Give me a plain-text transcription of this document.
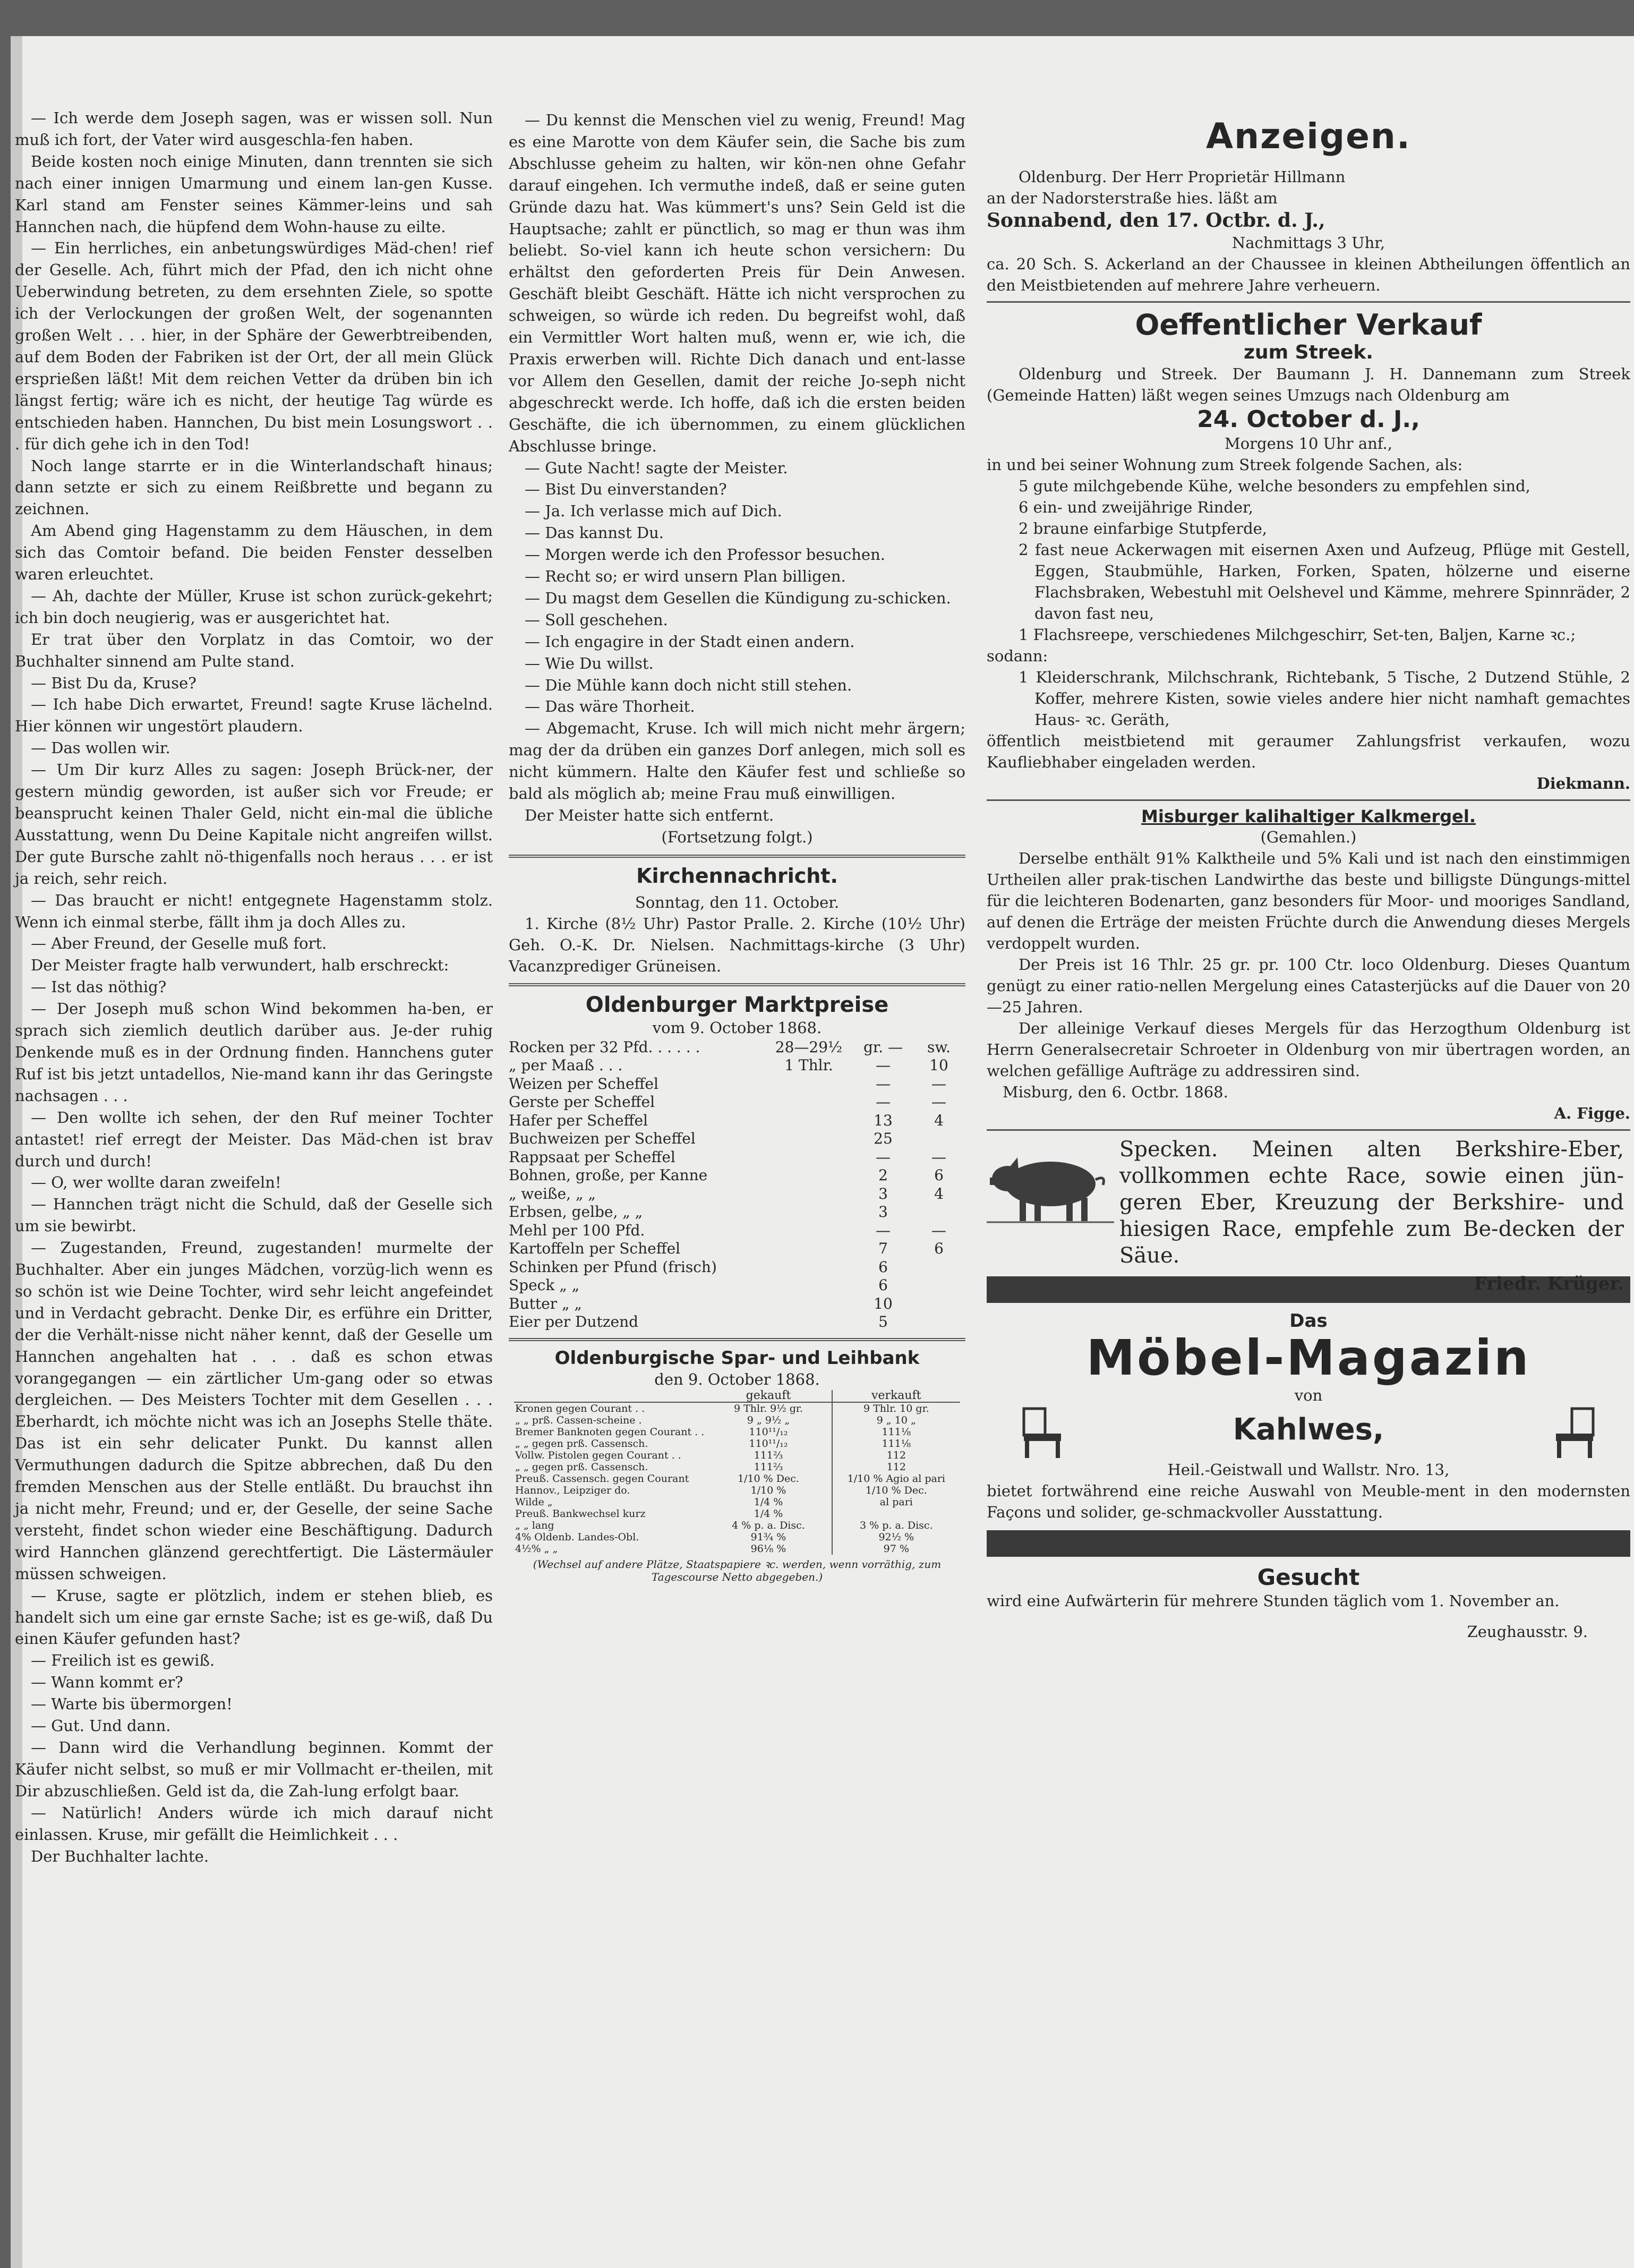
— Ich werde dem Joseph sagen, was er wissen soll. Nun muß ich fort, der Vater wird ausgeschla-fen haben.

Beide kosten noch einige Minuten, dann trennten sie sich nach einer innigen Umarmung und einem lan-gen Kusse. Karl stand am Fenster seines Kämmer-leins und sah Hannchen nach, die hüpfend dem Wohn-hause zu eilte.

— Ein herrliches, ein anbetungswürdiges Mäd-chen! rief der Geselle. Ach, führt mich der Pfad, den ich nicht ohne Ueberwindung betreten, zu dem ersehnten Ziele, so spotte ich der Verlockungen der großen Welt, der sogenannten großen Welt . . . hier, in der Sphäre der Gewerbtreibenden, auf dem Boden der Fabriken ist der Ort, der all mein Glück ersprießen läßt! Mit dem reichen Vetter da drüben bin ich längst fertig; wäre ich es nicht, der heutige Tag würde es entschieden haben. Hannchen, Du bist mein Losungswort . . . für dich gehe ich in den Tod!

Noch lange starrte er in die Winterlandschaft hinaus; dann setzte er sich zu einem Reißbrette und begann zu zeichnen.

Am Abend ging Hagenstamm zu dem Häuschen, in dem sich das Comtoir befand. Die beiden Fenster desselben waren erleuchtet.

— Ah, dachte der Müller, Kruse ist schon zurück-gekehrt; ich bin doch neugierig, was er ausgerichtet hat.

Er trat über den Vorplatz in das Comtoir, wo der Buchhalter sinnend am Pulte stand.

— Bist Du da, Kruse?

— Ich habe Dich erwartet, Freund! sagte Kruse lächelnd. Hier können wir ungestört plaudern.

— Das wollen wir.

— Um Dir kurz Alles zu sagen: Joseph Brück-ner, der gestern mündig geworden, ist außer sich vor Freude; er beansprucht keinen Thaler Geld, nicht ein-mal die übliche Ausstattung, wenn Du Deine Kapitale nicht angreifen willst. Der gute Bursche zahlt nö-thigenfalls noch heraus . . . er ist ja reich, sehr reich.

— Das braucht er nicht! entgegnete Hagenstamm stolz. Wenn ich einmal sterbe, fällt ihm ja doch Alles zu.

— Aber Freund, der Geselle muß fort.

Der Meister fragte halb verwundert, halb erschreckt:

— Ist das nöthig?

— Der Joseph muß schon Wind bekommen ha-ben, er sprach sich ziemlich deutlich darüber aus. Je-der ruhig Denkende muß es in der Ordnung finden. Hannchens guter Ruf ist bis jetzt untadellos, Nie-mand kann ihr das Geringste nachsagen . . .

— Den wollte ich sehen, der den Ruf meiner Tochter antastet! rief erregt der Meister. Das Mäd-chen ist brav durch und durch!

— O, wer wollte daran zweifeln!

— Hannchen trägt nicht die Schuld, daß der Geselle sich um sie bewirbt.

— Zugestanden, Freund, zugestanden! murmelte der Buchhalter. Aber ein junges Mädchen, vorzüg-lich wenn es so schön ist wie Deine Tochter, wird sehr leicht angefeindet und in Verdacht gebracht. Denke Dir, es erführe ein Dritter, der die Verhält-nisse nicht näher kennt, daß der Geselle um Hannchen angehalten hat . . . daß es schon etwas vorangegangen — ein zärtlicher Um-gang oder so etwas dergleichen. — Des Meisters Tochter mit dem Gesellen . . . Eberhardt, ich möchte nicht was ich an Josephs Stelle thäte. Das ist ein sehr delicater Punkt. Du kannst allen Vermuthungen dadurch die Spitze abbrechen, daß Du den fremden Menschen aus der Stelle entläßt. Du brauchst ihn ja nicht mehr, Freund; und er, der Geselle, der seine Sache versteht, findet schon wieder eine Beschäftigung. Dadurch wird Hannchen glänzend gerechtfertigt. Die Lästermäuler müssen schweigen.

— Kruse, sagte er plötzlich, indem er stehen blieb, es handelt sich um eine gar ernste Sache; ist es ge-wiß, daß Du einen Käufer gefunden hast?

— Freilich ist es gewiß.

— Wann kommt er?

— Warte bis übermorgen!

— Gut. Und dann.

— Dann wird die Verhandlung beginnen. Kommt der Käufer nicht selbst, so muß er mir Vollmacht er-theilen, mit Dir abzuschließen. Geld ist da, die Zah-lung erfolgt baar.

— Natürlich! Anders würde ich mich darauf nicht einlassen. Kruse, mir gefällt die Heimlichkeit . . .

Der Buchhalter lachte.

— Du kennst die Menschen viel zu wenig, Freund! Mag es eine Marotte von dem Käufer sein, die Sache bis zum Abschlusse geheim zu halten, wir kön-nen ohne Gefahr darauf eingehen. Ich vermuthe indeß, daß er seine guten Gründe dazu hat. Was kümmert's uns? Sein Geld ist die Hauptsache; zahlt er pünctlich, so mag er thun was ihm beliebt. So-viel kann ich heute schon versichern: Du erhältst den geforderten Preis für Dein Anwesen. Geschäft bleibt Geschäft. Hätte ich nicht versprochen zu schweigen, so würde ich reden. Du begreifst wohl, daß ein Vermittler Wort halten muß, wenn er, wie ich, die Praxis erwerben will. Richte Dich danach und ent-lasse vor Allem den Gesellen, damit der reiche Jo-seph nicht abgeschreckt werde. Ich hoffe, daß ich die ersten beiden Geschäfte, die ich übernommen, zu einem glücklichen Abschlusse bringe.

— Gute Nacht! sagte der Meister.

— Bist Du einverstanden?

— Ja. Ich verlasse mich auf Dich.

— Das kannst Du.

— Morgen werde ich den Professor besuchen.

— Recht so; er wird unsern Plan billigen.

— Du magst dem Gesellen die Kündigung zu-schicken.

— Soll geschehen.

— Ich engagire in der Stadt einen andern.

— Wie Du willst.

— Die Mühle kann doch nicht still stehen.

— Das wäre Thorheit.

— Abgemacht, Kruse. Ich will mich nicht mehr ärgern; mag der da drüben ein ganzes Dorf anlegen, mich soll es nicht kümmern. Halte den Käufer fest und schließe so bald als möglich ab; meine Frau muß einwilligen.

Der Meister hatte sich entfernt.

(Fortsetzung folgt.)

Kirchennachricht.

Sonntag, den 11. October.

1. Kirche (8½ Uhr) Pastor Pralle. 2. Kirche (10½ Uhr) Geh. O.-K. Dr. Nielsen. Nachmittags-kirche (3 Uhr) Vacanzprediger Grüneisen.

Oldenburger Marktpreise

vom 9. October 1868.

Rocken per 32 Pfd. . . . . .	28—29½	gr. —	sw.
„ per Maaß . . .	1 Thlr.	—	10
Weizen per Scheffel		—	—
Gerste per Scheffel		—	—
Hafer per Scheffel		13	4
Buchweizen per Scheffel		25	
Rappsaat per Scheffel		—	—
Bohnen, große, per Kanne		2	6
„ weiße, „ „		3	4
Erbsen, gelbe, „ „		3	
Mehl per 100 Pfd.		—	—
Kartoffeln per Scheffel		7	6
Schinken per Pfund (frisch)		6	
Speck „ „		6	
Butter „ „		10	
Eier per Dutzend		5	

Oldenburgische Spar- und Leihbank

den 9. October 1868.

	gekauft	verkauft
Kronen gegen Courant . .	9 Thlr. 9½ gr.	9 Thlr. 10 gr.
„ „ prß. Cassen-scheine .	9 „ 9½ „	9 „ 10 „
Bremer Banknoten gegen Courant . .	110¹¹/₁₂	111⅛
„ „ gegen prß. Cassensch.	110¹¹/₁₂	111⅛
Vollw. Pistolen gegen Courant . .	111⅔	112
„ „ gegen prß. Cassensch.	111⅔	112
Preuß. Cassensch. gegen Courant	1/10 % Dec.	1/10 % Agio al pari
Hannov., Leipziger do.	1/10 %	1/10 % Dec.
Wilde „	1/4 %	al pari
Preuß. Bankwechsel kurz	1/4 %	
„ „ lang	4 % p. a. Disc.	3 % p. a. Disc.
4% Oldenb. Landes-Obl.	91¾ %	92½ %
4½% „ „	96⅛ %	97 %

(Wechsel auf andere Plätze, Staatspapiere ꝛc. werden, wenn vorräthig, zum Tagescourse Netto abgegeben.)

Anzeigen.

Oldenburg. Der Herr Proprietär Hillmann

an der Nadorsterstraße hies. läßt am

Sonnabend, den 17. Octbr. d. J.,

Nachmittags 3 Uhr,

ca. 20 Sch. S. Ackerland an der Chaussee in kleinen Abtheilungen öffentlich an den Meistbietenden auf mehrere Jahre verheuern.

Oeffentlicher Verkauf

zum Streek.

Oldenburg und Streek. Der Baumann J. H. Dannemann zum Streek (Gemeinde Hatten) läßt wegen seines Umzugs nach Oldenburg am

24. October d. J.,

Morgens 10 Uhr anf.,

in und bei seiner Wohnung zum Streek folgende Sachen, als:

5 gute milchgebende Kühe, welche besonders zu empfehlen sind,

6 ein- und zweijährige Rinder,

2 braune einfarbige Stutpferde,

2 fast neue Ackerwagen mit eisernen Axen und Aufzeug, Pflüge mit Gestell, Eggen, Staubmühle, Harken, Forken, Spaten, hölzerne und eiserne Flachsbraken, Webestuhl mit Oelshevel und Kämme, mehrere Spinnräder, 2 davon fast neu,

1 Flachsreepe, verschiedenes Milchgeschirr, Set-ten, Baljen, Karne ꝛc.;

sodann:

1 Kleiderschrank, Milchschrank, Richtebank, 5 Tische, 2 Dutzend Stühle, 2 Koffer, mehrere Kisten, sowie vieles andere hier nicht namhaft gemachtes Haus- ꝛc. Geräth,

öffentlich meistbietend mit geraumer Zahlungsfrist verkaufen, wozu Kaufliebhaber eingeladen werden.

Diekmann.

Misburger kalihaltiger Kalkmergel.

(Gemahlen.)

Derselbe enthält 91% Kalktheile und 5% Kali und ist nach den einstimmigen Urtheilen aller prak-tischen Landwirthe das beste und billigste Düngungs-mittel für die leichteren Bodenarten, ganz besonders für Moor- und mooriges Sandland, auf denen die Erträge der meisten Früchte durch die Anwendung dieses Mergels verdoppelt wurden.

Der Preis ist 16 Thlr. 25 gr. pr. 100 Ctr. loco Oldenburg. Dieses Quantum genügt zu einer ratio-nellen Mergelung eines Catasterjücks auf die Dauer von 20—25 Jahren.

Der alleinige Verkauf dieses Mergels für das Herzogthum Oldenburg ist Herrn Generalsecretair Schroeter in Oldenburg von mir übertragen worden, an welchen gefällige Aufträge zu addressiren sind.

Misburg, den 6. Octbr. 1868.

A. Figge.

Specken. Meinen alten Berkshire-Eber, vollkommen echte Race, sowie einen jün-geren Eber, Kreuzung der Berkshire- und hiesigen Race, empfehle zum Be-decken der Säue.

Friedr. Krüger.

Das

Möbel-Magazin

von

Kahlwes,

Heil.-Geistwall und Wallstr. Nro. 13,

bietet fortwährend eine reiche Auswahl von Meuble-ment in den modernsten Façons und solider, ge-schmackvoller Ausstattung.

Gesucht

wird eine Aufwärterin für mehrere Stunden täglich vom 1. November an.

Zeughausstr. 9.
